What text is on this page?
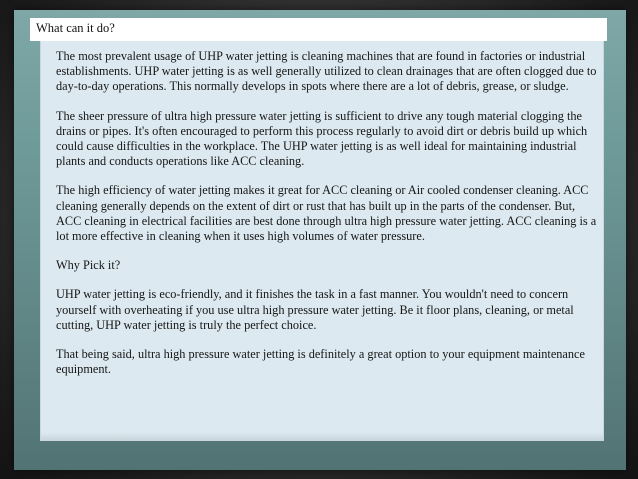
What can it do?

The most prevalent usage of UHP water jetting is cleaning machines that are found in factories or industrial establishments. UHP water jetting is as well generally utilized to clean drainages that are often clogged due to day-to-day operations. This normally develops in spots where there are a lot of debris, grease, or sludge.

The sheer pressure of ultra high pressure water jetting is sufficient to drive any tough material clogging the drains or pipes. It's often encouraged to perform this process regularly to avoid dirt or debris build up which could cause difficulties in the workplace. The UHP water jetting is as well ideal for maintaining industrial plants and conducts operations like ACC cleaning.

The high efficiency of water jetting makes it great for ACC cleaning or Air cooled condenser cleaning. ACC cleaning generally depends on the extent of dirt or rust that has built up in the parts of the condenser. But, ACC cleaning in electrical facilities are best done through ultra high pressure water jetting. ACC cleaning is a lot more effective in cleaning when it uses high volumes of water pressure.

Why Pick it?

UHP water jetting is eco-friendly, and it finishes the task in a fast manner. You wouldn't need to concern yourself with overheating if you use ultra high pressure water jetting. Be it floor plans, cleaning, or metal cutting, UHP water jetting is truly the perfect choice.

That being said, ultra high pressure water jetting is definitely a great option to your equipment maintenance equipment.
